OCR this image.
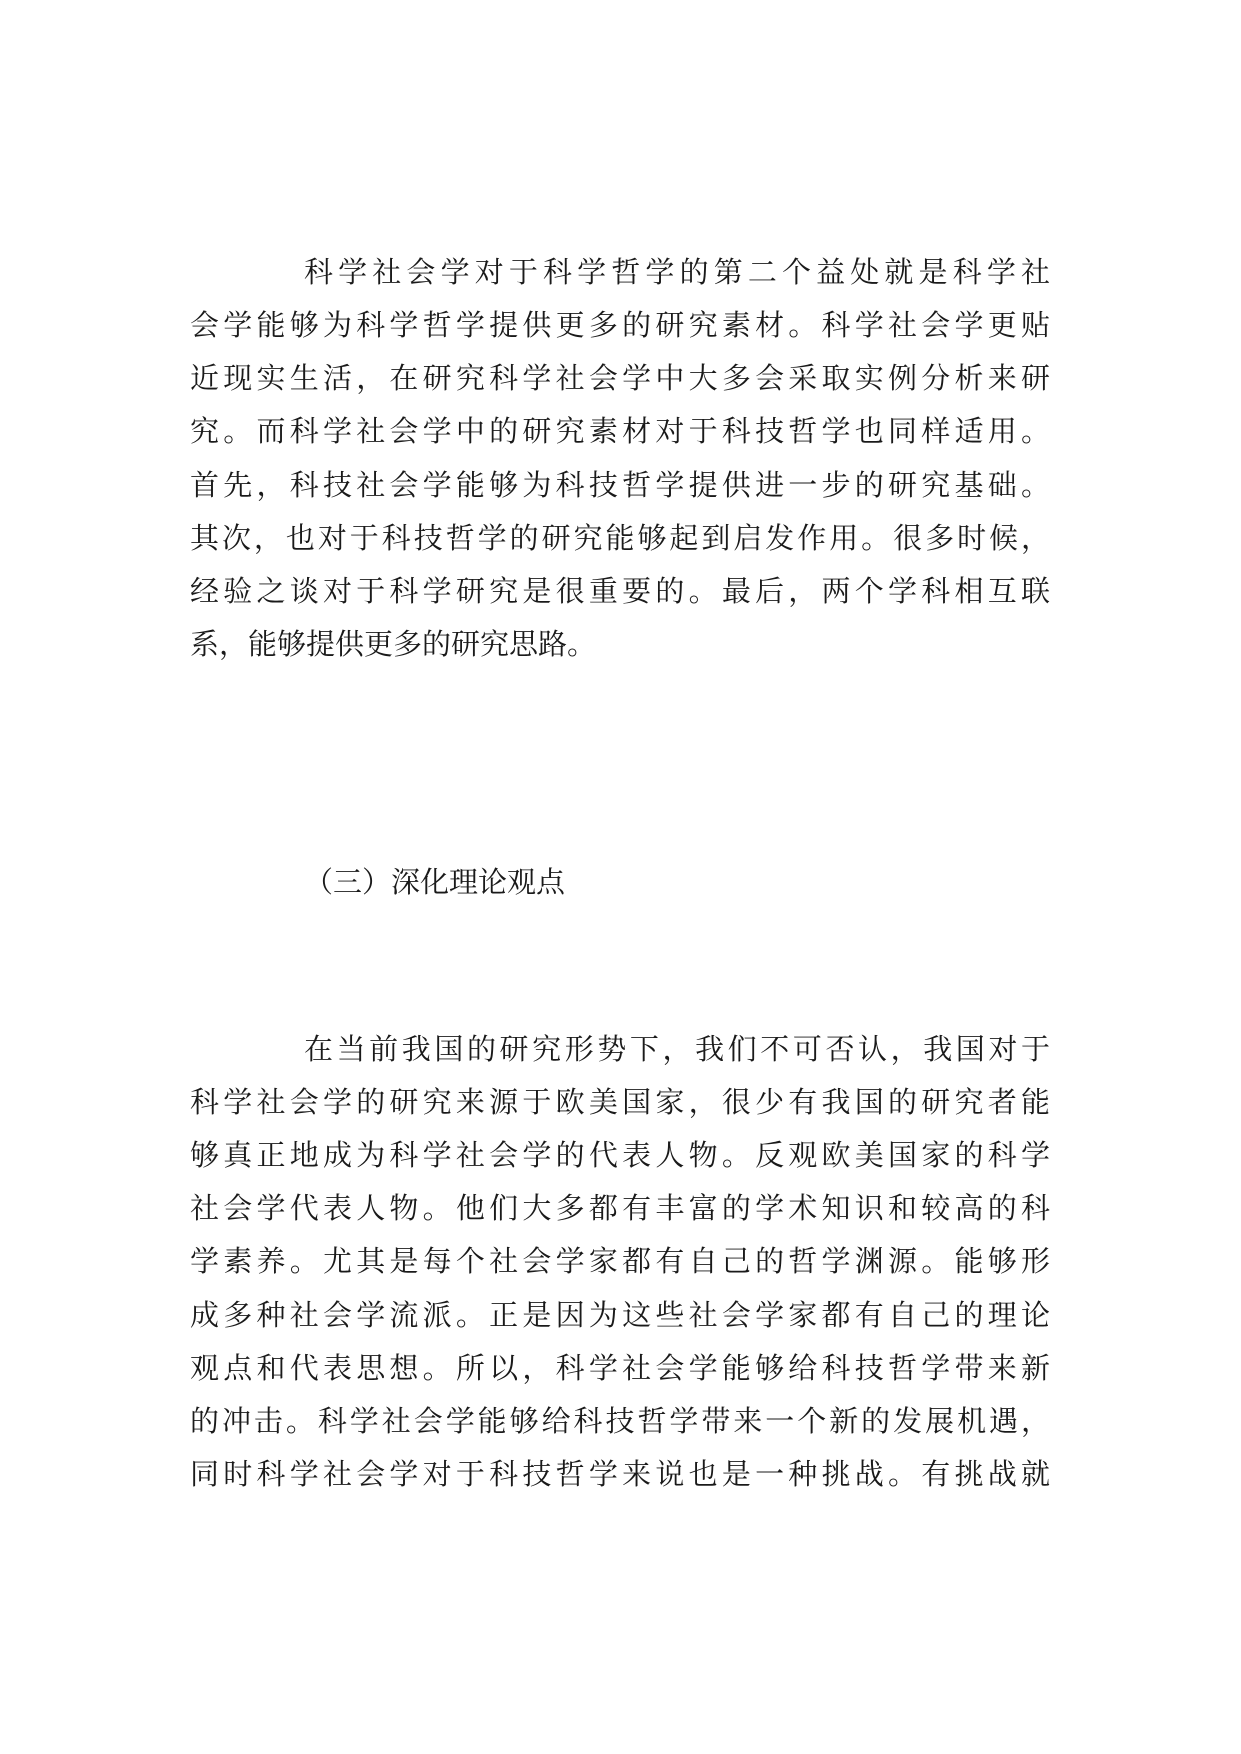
科学社会学对于科学哲学的第二个益处就是科学社
会学能够为科学哲学提供更多的研究素材。科学社会学更贴
近现实生活，在研究科学社会学中大多会采取实例分析来研
究。而科学社会学中的研究素材对于科技哲学也同样适用。
首先，科技社会学能够为科技哲学提供进一步的研究基础。
其次，也对于科技哲学的研究能够起到启发作用。很多时候，
经验之谈对于科学研究是很重要的。最后，两个学科相互联
系，能够提供更多的研究思路。
（三）深化理论观点
在当前我国的研究形势下，我们不可否认，我国对于
科学社会学的研究来源于欧美国家，很少有我国的研究者能
够真正地成为科学社会学的代表人物。反观欧美国家的科学
社会学代表人物。他们大多都有丰富的学术知识和较高的科
学素养。尤其是每个社会学家都有自己的哲学渊源。能够形
成多种社会学流派。正是因为这些社会学家都有自己的理论
观点和代表思想。所以，科学社会学能够给科技哲学带来新
的冲击。科学社会学能够给科技哲学带来一个新的发展机遇，
同时科学社会学对于科技哲学来说也是一种挑战。有挑战就
